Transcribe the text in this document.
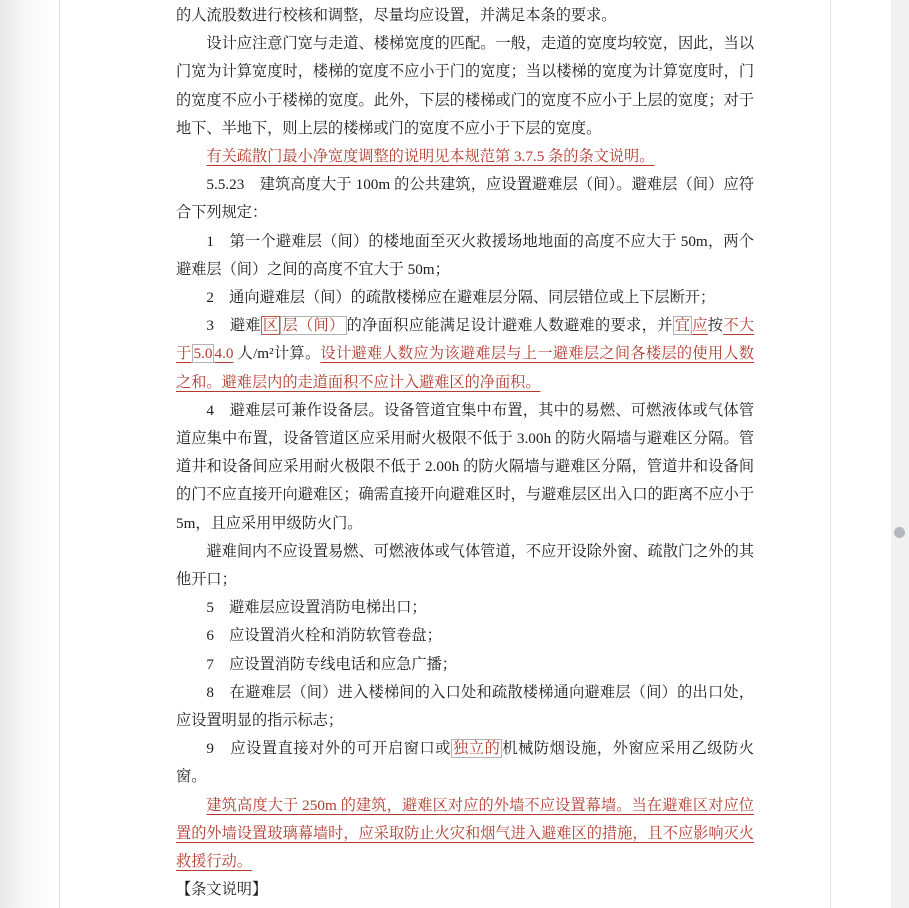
的人流股数进行校核和调整，尽量均应设置，并满足本条的要求。

设计应注意门宽与走道、楼梯宽度的匹配。一般，走道的宽度均较宽，因此，当以门宽为计算宽度时，楼梯的宽度不应小于门的宽度；当以楼梯的宽度为计算宽度时，门的宽度不应小于楼梯的宽度。此外，下层的楼梯或门的宽度不应小于上层的宽度；对于地下、半地下，则上层的楼梯或门的宽度不应小于下层的宽度。

有关疏散门最小净宽度调整的说明见本规范第 3.7.5 条的条文说明。

5.5.23　建筑高度大于 100m 的公共建筑，应设置避难层（间）。避难层（间）应符合下列规定：

1　第一个避难层（间）的楼地面至灭火救援场地地面的高度不应大于 50m，两个避难层（间）之间的高度不宜大于 50m；

2　通向避难层（间）的疏散楼梯应在避难层分隔、同层错位或上下层断开；

3　避难 区 层（间） 的净面积应能满足设计避难人数避难的要求，并 宜 应按不大于 5.0 4.0 人/m²计算。设计避难人数应为该避难层与上一避难层之间各楼层的使用人数之和。避难层内的走道面积不应计入避难区的净面积。

4　避难层可兼作设备层。设备管道宜集中布置，其中的易燃、可燃液体或气体管道应集中布置，设备管道区应采用耐火极限不低于 3.00h 的防火隔墙与避难区分隔。管道井和设备间应采用耐火极限不低于 2.00h 的防火隔墙与避难区分隔，管道井和设备间的门不应直接开向避难区；确需直接开向避难区时，与避难层区出入口的距离不应小于 5m，且应采用甲级防火门。

避难间内不应设置易燃、可燃液体或气体管道，不应开设除外窗、疏散门之外的其他开口；

5　避难层应设置消防电梯出口；

6　应设置消火栓和消防软管卷盘；

7　应设置消防专线电话和应急广播；

8　在避难层（间）进入楼梯间的入口处和疏散楼梯通向避难层（间）的出口处，应设置明显的指示标志；

9　应设置直接对外的可开启窗口或 独立的 机械防烟设施，外窗应采用乙级防火窗。

建筑高度大于 250m 的建筑，避难区对应的外墙不应设置幕墙。当在避难区对应位置的外墙设置玻璃幕墙时，应采取防止火灾和烟气进入避难区的措施，且不应影响灭火救援行动。

【条文说明】
